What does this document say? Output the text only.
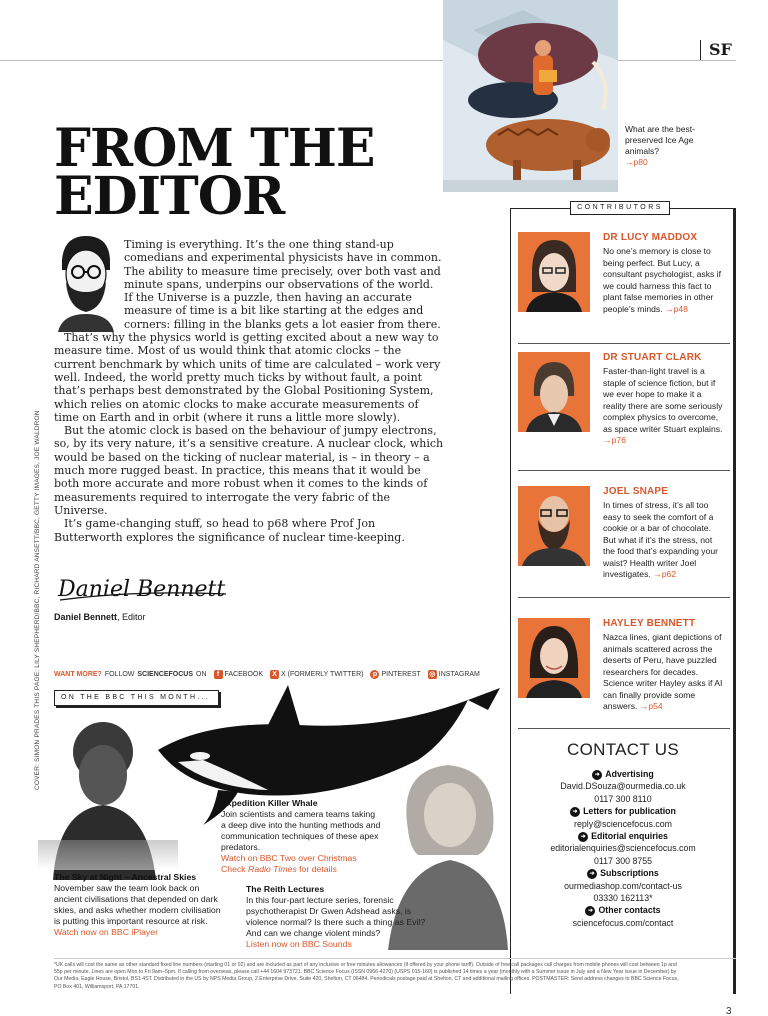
SF
What are the best-preserved Ice Age animals?
→p80
FROM THE
EDITOR

Timing is everything. It’s the one thing stand-up comedians and experimental physicists have in common. The ability to measure time precisely, over both vast and minute spans, underpins our observations of the world. If the Universe is a puzzle, then having an accurate measure of time is a bit like starting at the edges and corners: filling in the blanks gets a lot easier from there.

That’s why the physics world is getting excited about a new way to measure time. Most of us would think that atomic clocks – the current benchmark by which units of time are calculated – work very well. Indeed, the world pretty much ticks by without fault, a point that’s perhaps best demonstrated by the Global Positioning System, which relies on atomic clocks to make accurate measurements of time on Earth and in orbit (where it runs a little more slowly).

But the atomic clock is based on the behaviour of jumpy electrons, so, by its very nature, it’s a sensitive creature. A nuclear clock, which would be based on the ticking of nuclear material, is – in theory – a much more rugged beast. In practice, this means that it would be both more accurate and more robust when it comes to the kinds of measurements required to interrogate the very fabric of the Universe.

It’s game-changing stuff, so head to p68 where Prof Jon Butterworth explores the significance of nuclear time-keeping.

Daniel Bennett
Daniel Bennett, Editor
COVER: SIMON PRADES THIS PAGE: LILY SHEPHERD/BBC, RICHARD ANSETT/BBC, GETTY IMAGES, JOE WALDRON WANT MORE? FOLLOW SCIENCEFOCUS ON	f FACEBOOK	X X (FORMERLY TWITTER)	p PINTEREST ◎ INSTAGRAM
ON THE BBC THIS MONTH...
Expedition Killer Whale
Join scientists and camera teams taking a deep dive into the hunting methods and communication techniques of these apex predators.
Watch on BBC Two over Christmas
Check Radio Times for details
The Sky at Night – Ancestral Skies
November saw the team look back on ancient civilisations that depended on dark skies, and asks whether modern civilisation is putting this important resource at risk.
Watch now on BBC iPlayer
The Reith Lectures
In this four-part lecture series, forensic psychotherapist Dr Gwen Adshead asks, is violence normal? Is there such a thing as Evil? And can we change violent minds?
Listen now on BBC Sounds
CONTRIBUTORS
DR LUCY MADDOX
No one’s memory is close to being perfect. But Lucy, a consultant psychologist, asks if we could harness this fact to plant false memories in other people’s minds. →p48
DR STUART CLARK
Faster-than-light travel is a staple of science fiction, but if we ever hope to make it a reality there are some seriously complex physics to overcome, as space writer Stuart explains. →p76
JOEL SNAPE
In times of stress, it’s all too easy to seek the comfort of a cookie or a bar of chocolate. But what if it’s the stress, not the food that’s expanding your waist? Health writer Joel investigates. →p62
HAYLEY BENNETT
Nazca lines, giant depictions of animals scattered across the deserts of Peru, have puzzled researchers for decades. Science writer Hayley asks if AI can finally provide some answers. →p54
CONTACT US
➜ Advertising
David.DSouza@ourmedia.co.uk
0117 300 8110
➜ Letters for publication
reply@sciencefocus.com
➜ Editorial enquiries
editorialenquiries@sciencefocus.com
0117 300 8755
➜ Subscriptions
ourmediashop.com/contact-us
03330 162113*
➜ Other contacts
sciencefocus.com/contact
*UK calls will cost the same as other standard fixed line numbers (starting 01 or 02) and are included as part of any inclusive or free minutes allowances (if offered by your phone tariff). Outside of free call packages call charges from mobile phones will cost between 1p and 55p per minute. Lines are open Mon to Fri 9am–5pm. If calling from overseas, please call +44 1604 973721. BBC Science Focus (ISSN 0966-4270) (USPS 015-160) is published 14 times a year (monthly with a Summer issue in July and a New Year issue in December) by Our Media, Eagle House, Bristol, BS1 4ST. Distributed in the US by NPS Media Group, 2 Enterprise Drive, Suite 420, Shelton, CT 06484. Periodicals postage paid at Shelton, CT and additional mailing offices. POSTMASTER: Send address changes to BBC Science Focus, PO Box 401, Williamsport, PA 17701.
3
